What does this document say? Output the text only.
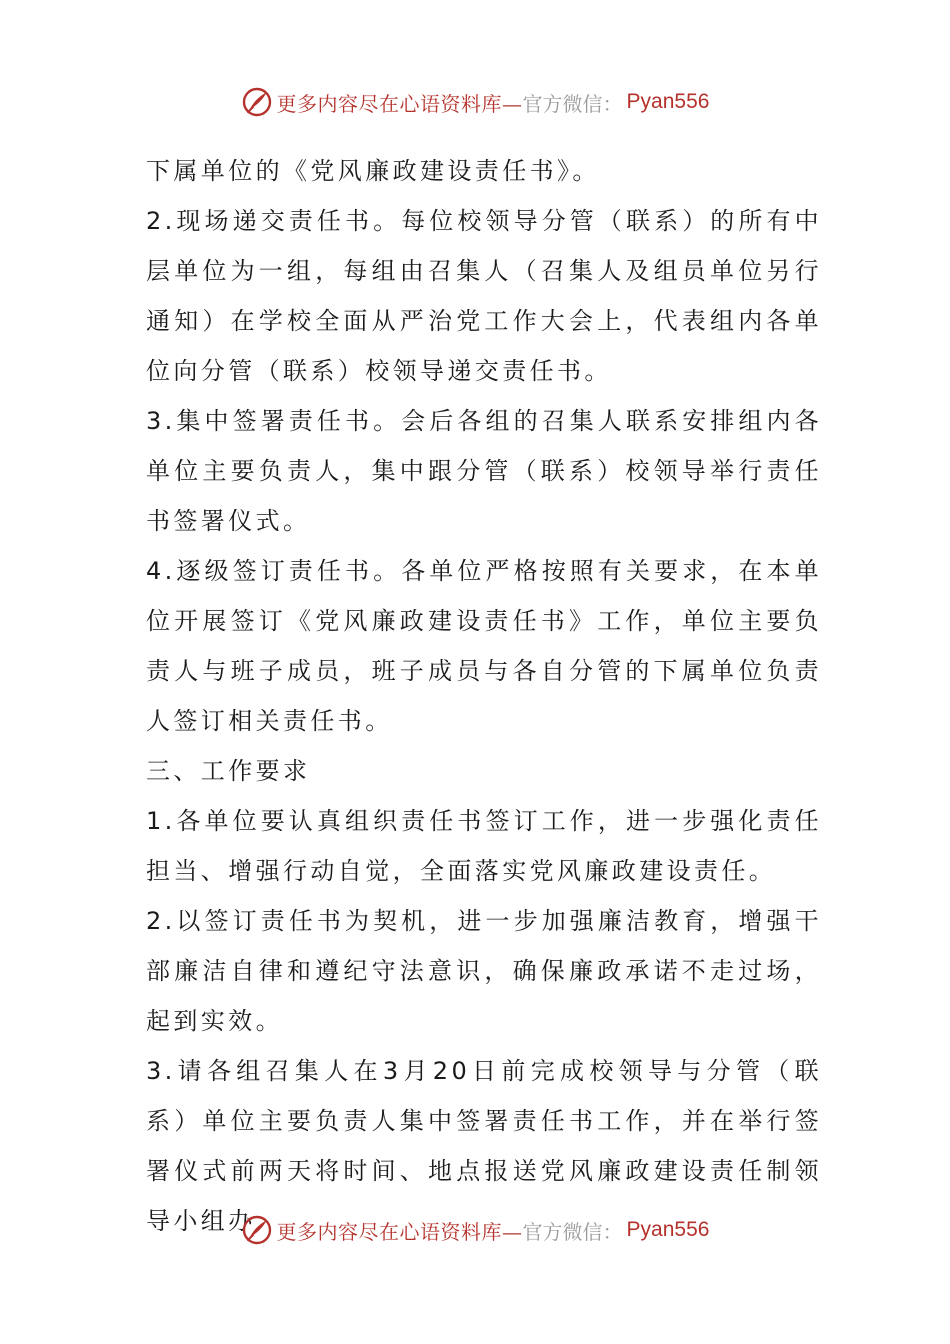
更多内容尽在心语资料库— 官方微信： Pyan556

下属单位的《党风廉政建设责任书》。

2.现场递交责任书。每位校领导分管（联系）的所有中层单位为一组，每组由召集人（召集人及组员单位另行通知）在学校全面从严治党工作大会上，代表组内各单位向分管（联系）校领导递交责任书。

3.集中签署责任书。会后各组的召集人联系安排组内各单位主要负责人，集中跟分管（联系）校领导举行责任书签署仪式。

4.逐级签订责任书。各单位严格按照有关要求，在本单位开展签订《党风廉政建设责任书》工作，单位主要负责人与班子成员，班子成员与各自分管的下属单位负责人签订相关责任书。

三、工作要求

1.各单位要认真组织责任书签订工作，进一步强化责任担当、增强行动自觉，全面落实党风廉政建设责任。

2.以签订责任书为契机，进一步加强廉洁教育，增强干部廉洁自律和遵纪守法意识，确保廉政承诺不走过场，起到实效。

3.请各组召集人在3月20日前完成校领导与分管（联系）单位主要负责人集中签署责任书工作，并在举行签署仪式前两天将时间、地点报送党风廉政建设责任制领导小组办	更多内容尽在心语资料库— 官方微信： Pyan556
